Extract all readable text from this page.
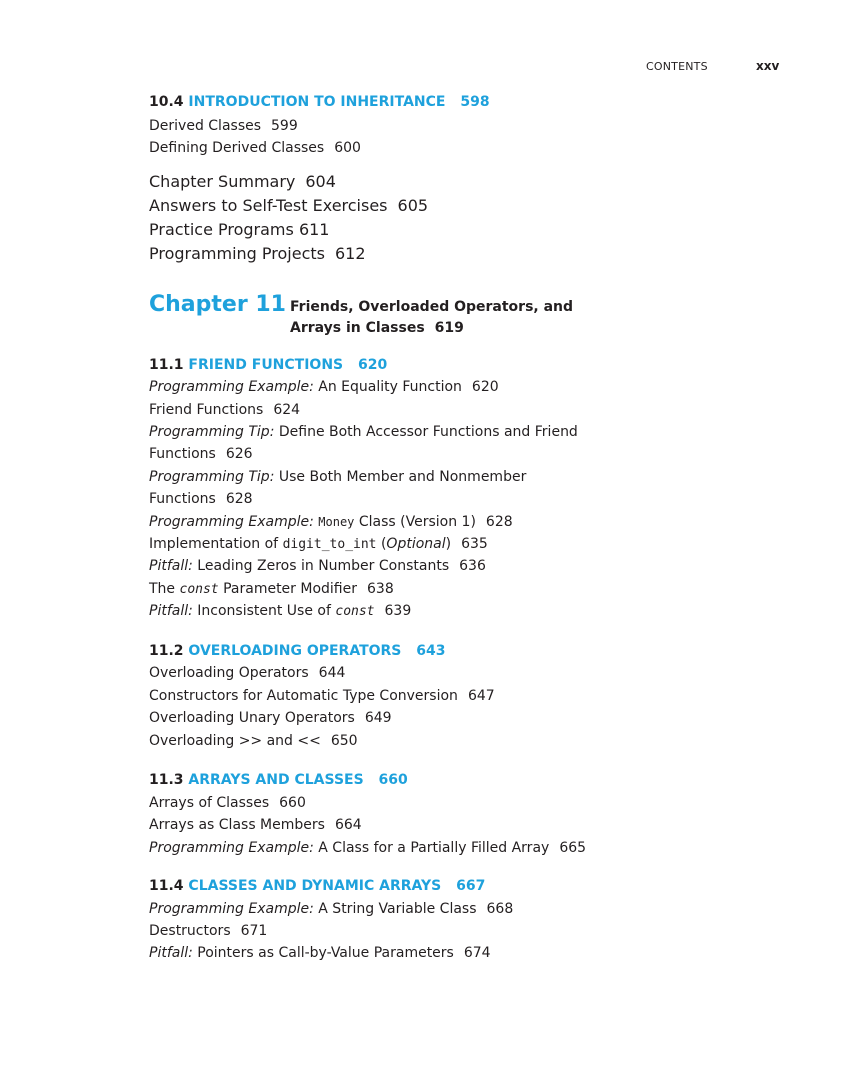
CONTENTS	xxv
10.4 INTRODUCTION TO INHERITANCE 598
Derived Classes 599
Defining Derived Classes 600
Chapter Summary 604
Answers to Self-Test Exercises 605
Practice Programs 611
Programming Projects 612
Chapter 11 Friends, Overloaded Operators, and
Arrays in Classes 619
11.1 FRIEND FUNCTIONS 620
Programming Example: An Equality Function 620
Friend Functions 624
Programming Tip: Define Both Accessor Functions and Friend
Functions 626
Programming Tip: Use Both Member and Nonmember
Functions 628
Programming Example: Money Class (Version 1) 628
Implementation of digit_to_int (Optional) 635
Pitfall: Leading Zeros in Number Constants 636
The const Parameter Modifier 638
Pitfall: Inconsistent Use of const 639
11.2 OVERLOADING OPERATORS 643
Overloading Operators 644
Constructors for Automatic Type Conversion 647
Overloading Unary Operators 649
Overloading >> and << 650
11.3 ARRAYS AND CLASSES 660
Arrays of Classes 660
Arrays as Class Members 664
Programming Example: A Class for a Partially Filled Array 665
11.4 CLASSES AND DYNAMIC ARRAYS 667
Programming Example: A String Variable Class 668
Destructors 671
Pitfall: Pointers as Call-by-Value Parameters 674
